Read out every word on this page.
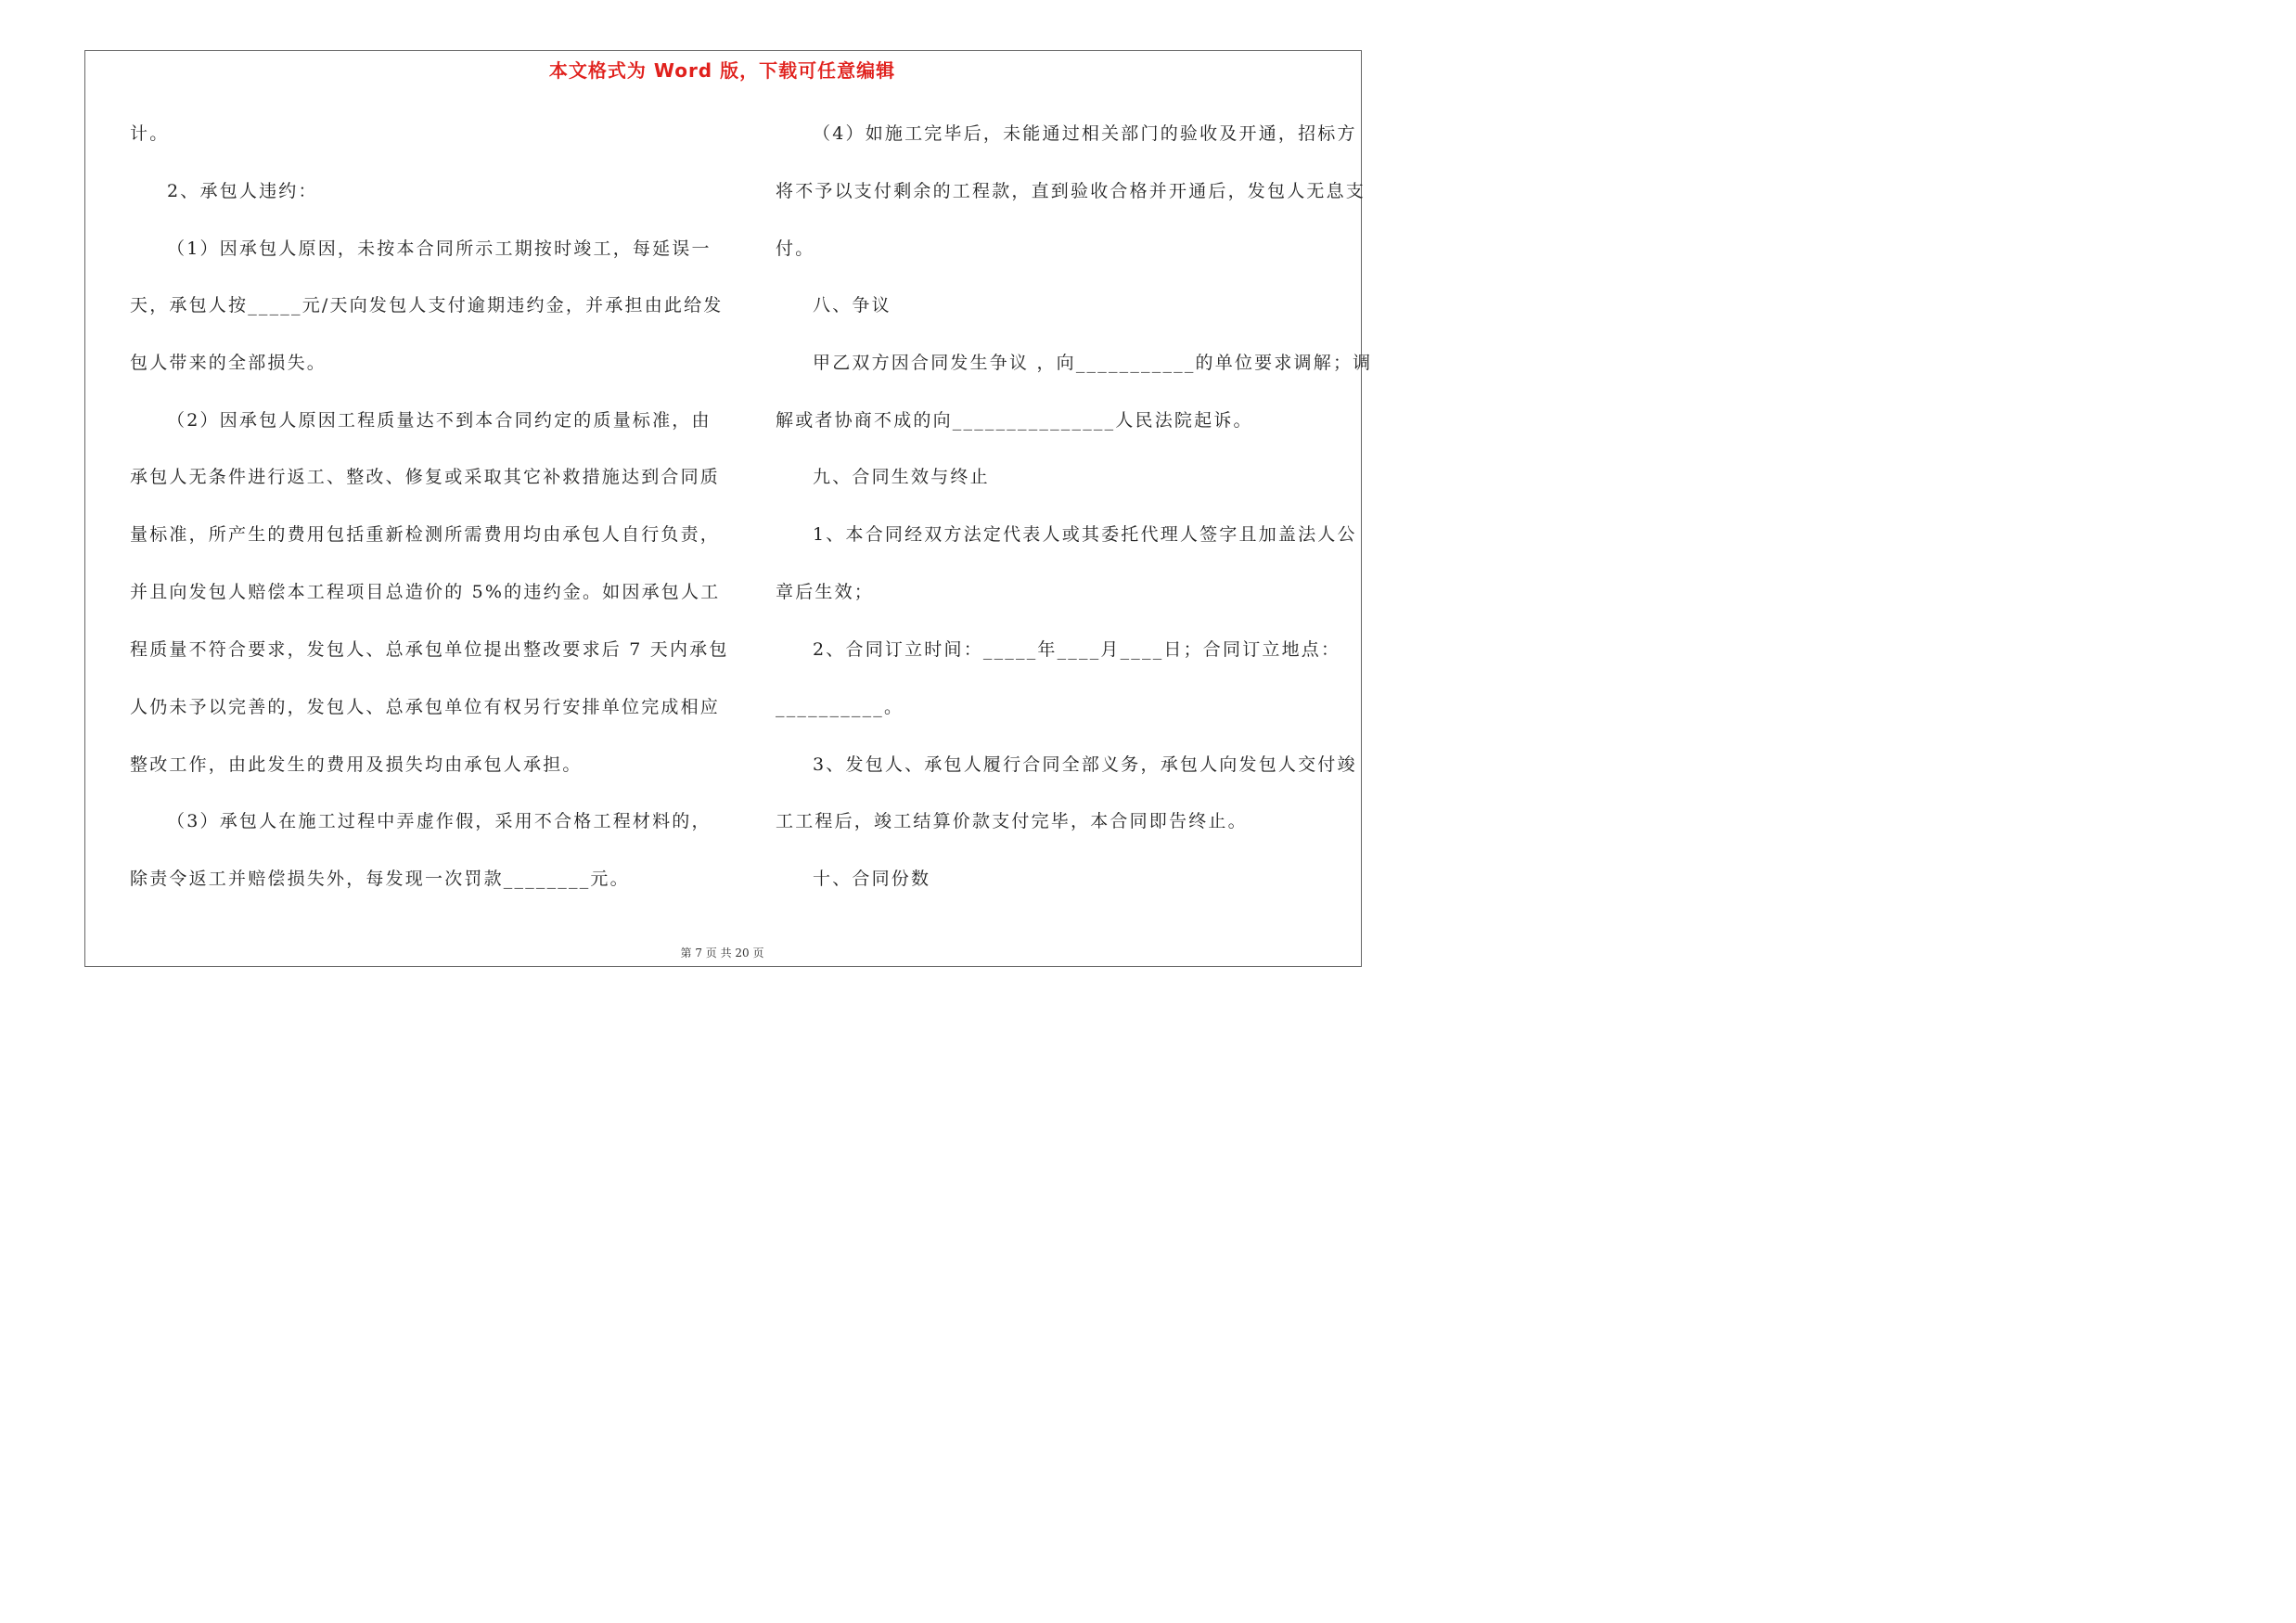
本文格式为 Word 版，下载可任意编辑
计。
2、承包人违约：
（1）因承包人原因，未按本合同所示工期按时竣工，每延误一
天，承包人按_____元/天向发包人支付逾期违约金，并承担由此给发
包人带来的全部损失。
（2）因承包人原因工程质量达不到本合同约定的质量标准，由
承包人无条件进行返工、整改、修复或采取其它补救措施达到合同质
量标准，所产生的费用包括重新检测所需费用均由承包人自行负责，
并且向发包人赔偿本工程项目总造价的 5%的违约金。如因承包人工
程质量不符合要求，发包人、总承包单位提出整改要求后 7 天内承包
人仍未予以完善的，发包人、总承包单位有权另行安排单位完成相应
整改工作，由此发生的费用及损失均由承包人承担。
（3）承包人在施工过程中弄虚作假，采用不合格工程材料的，
除责令返工并赔偿损失外，每发现一次罚款________元。
（4）如施工完毕后，未能通过相关部门的验收及开通，招标方
将不予以支付剩余的工程款，直到验收合格并开通后，发包人无息支
付。
八、争议
甲乙双方因合同发生争议 ，向___________的单位要求调解；调
解或者协商不成的向_______________人民法院起诉。
九、合同生效与终止
1、本合同经双方法定代表人或其委托代理人签字且加盖法人公
章后生效；
2、合同订立时间：_____年____月____日；合同订立地点：
__________。
3、发包人、承包人履行合同全部义务，承包人向发包人交付竣
工工程后，竣工结算价款支付完毕，本合同即告终止。
十、合同份数
第 7 页 共 20 页
